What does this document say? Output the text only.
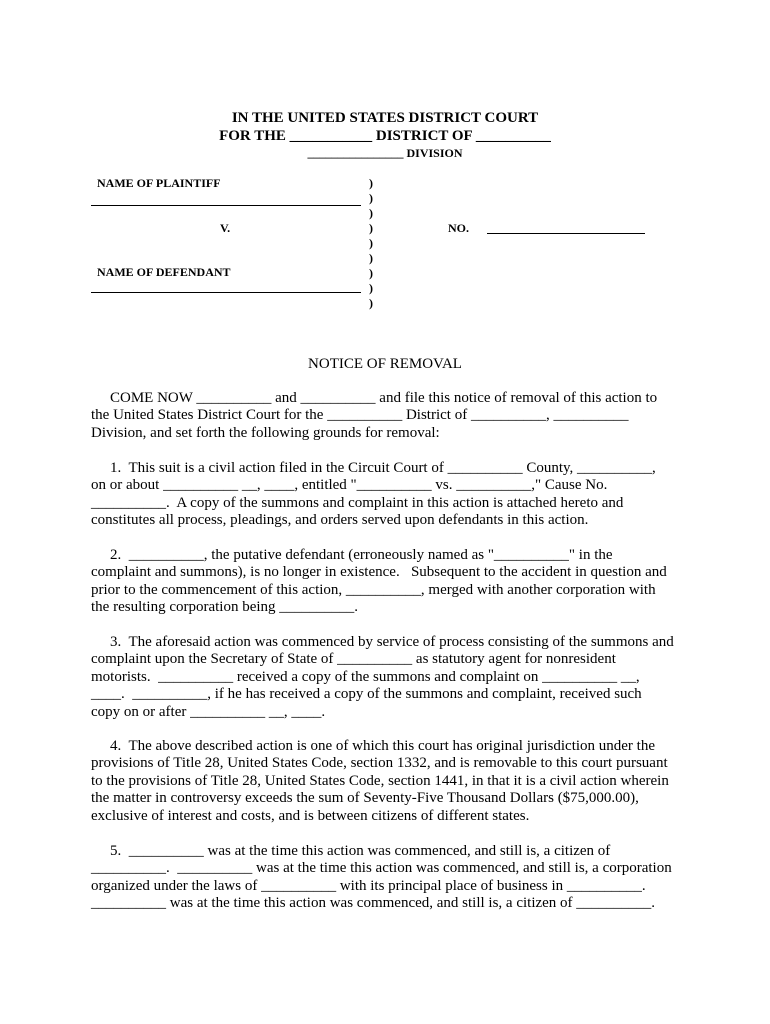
IN THE UNITED STATES DISTRICT COURT
FOR THE ___________ DISTRICT OF __________
________________ DIVISION
NAME OF PLAINTIFF
V.
NAME OF DEFENDANT
NO.
)
)
)
)
)
)
)
)
)
NOTICE OF REMOVAL
COME NOW __________ and __________ and file this notice of removal of this action to
the United States District Court for the __________ District of __________, __________
Division, and set forth the following grounds for removal:
1.  This suit is a civil action filed in the Circuit Court of __________ County, __________,
on or about __________ __, ____, entitled "__________ vs. __________," Cause No.
__________.  A copy of the summons and complaint in this action is attached hereto and
constitutes all process, pleadings, and orders served upon defendants in this action.
2.  __________, the putative defendant (erroneously named as "__________" in the
complaint and summons), is no longer in existence.   Subsequent to the accident in question and
prior to the commencement of this action, __________, merged with another corporation with
the resulting corporation being __________.
3.  The aforesaid action was commenced by service of process consisting of the summons and
complaint upon the Secretary of State of __________ as statutory agent for nonresident
motorists.  __________ received a copy of the summons and complaint on __________ __,
____.  __________, if he has received a copy of the summons and complaint, received such
copy on or after __________ __, ____.
4.  The above described action is one of which this court has original jurisdiction under the
provisions of Title 28, United States Code, section 1332, and is removable to this court pursuant
to the provisions of Title 28, United States Code, section 1441, in that it is a civil action wherein
the matter in controversy exceeds the sum of Seventy-Five Thousand Dollars ($75,000.00),
exclusive of interest and costs, and is between citizens of different states.
5.  __________ was at the time this action was commenced, and still is, a citizen of
__________.  __________ was at the time this action was commenced, and still is, a corporation
organized under the laws of __________ with its principal place of business in __________.
__________ was at the time this action was commenced, and still is, a citizen of __________.
